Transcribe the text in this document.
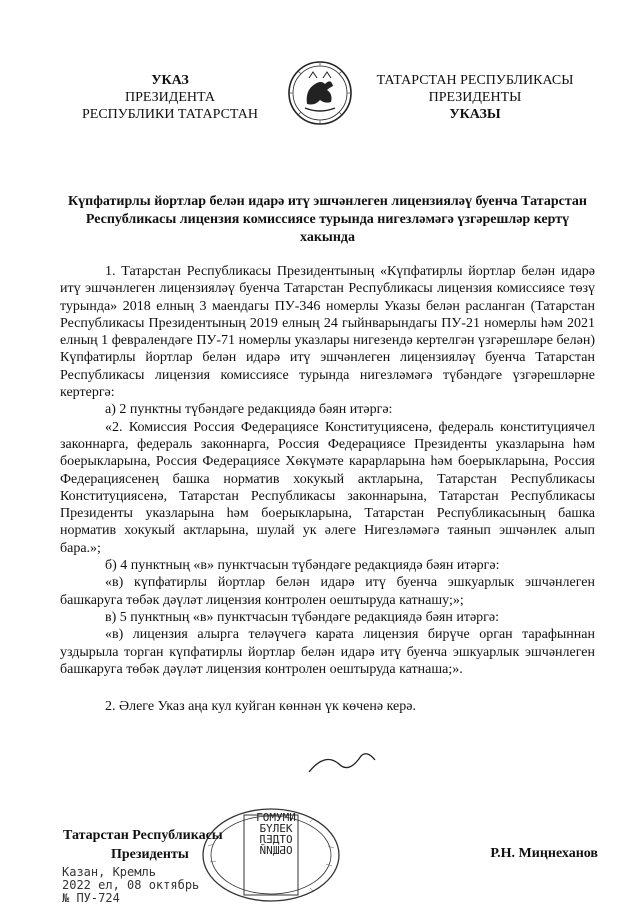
УКАЗ
ПРЕЗИДЕНТА
РЕСПУБЛИКИ ТАТАРСТАН
ТАТАРСТАН РЕСПУБЛИКАСЫ
ПРЕЗИДЕНТЫ
УКАЗЫ
Күпфатирлы йортлар белән идарә итү эшчәнлеген лицензияләү буенча Татарстан Республикасы лицензия комиссиясе турында нигезләмәгә үзгәрешләр кертү хакында

1. Татарстан Республикасы Президентының «Күпфатирлы йортлар белән идарә итү эшчәнлеген лицензияләү буенча Татарстан Республикасы лицензия комиссиясе төзү турында» 2018 елның 3 маендагы ПУ-346 номерлы Указы белән расланган (Татарстан Республикасы Президентының 2019 елның 24 гыйнварындагы ПУ-21 номерлы һәм 2021 елның 1 февралендәге ПУ-71 номерлы указлары нигезендә кертелгән үзгәрешләре белән) Күпфатирлы йортлар белән идарә итү эшчәнлеген лицензияләү буенча Татарстан Республикасы лицензия комиссиясе турында нигезләмәгә түбәндәге үзгәрешләрне кертергә:

а) 2 пунктны түбәндәге редакциядә бәян итәргә:

«2. Комиссия Россия Федерациясе Конституциясенә, федераль конституциячел законнарга, федераль законнарга, Россия Федерациясе Президенты указларына һәм боерыкларына, Россия Федерациясе Хөкүмәте карарларына һәм боерыкларына, Россия Федерациясенең башка норматив хокукый актларына, Татарстан Республикасы Конституциясенә, Татарстан Республикасы законнарына, Татарстан Республикасы Президенты указларына һәм боерыкларына, Татарстан Республикасының башка норматив хокукый актларына, шулай ук әлеге Нигезләмәгә таянып эшчәнлек алып бара.»;

б) 4 пунктның «в» пунктчасын түбәндәге редакциядә бәян итәргә:

«в) күпфатирлы йортлар белән идарә итү буенча эшкуарлык эшчәнлеген башкаруга төбәк дәүләт лицензия контролен оештыруда катнашу;»;

в) 5 пунктның «в» пунктчасын түбәндәге редакциядә бәян итәргә:

«в) лицензия алырга теләүчегә карата лицензия бирүче орган тарафыннан уздырыла торган күпфатирлы йортлар белән идарә итү буенча эшкуарлык эшчәнлеген башкаруга төбәк дәүләт лицензия контролен оештыруда катнаша;».

2. Әлеге Указ аңа кул куйган көннән үк көченә керә.

ГОМУМИ
БҮЛЕК
ОТДЕЛ
ОБЩИЙ
Татарстан Республикасы
Президенты	Р.Н. Миңнеханов
Казан, Кремль
2022 ел, 08 октябрь
№ ПУ-724
